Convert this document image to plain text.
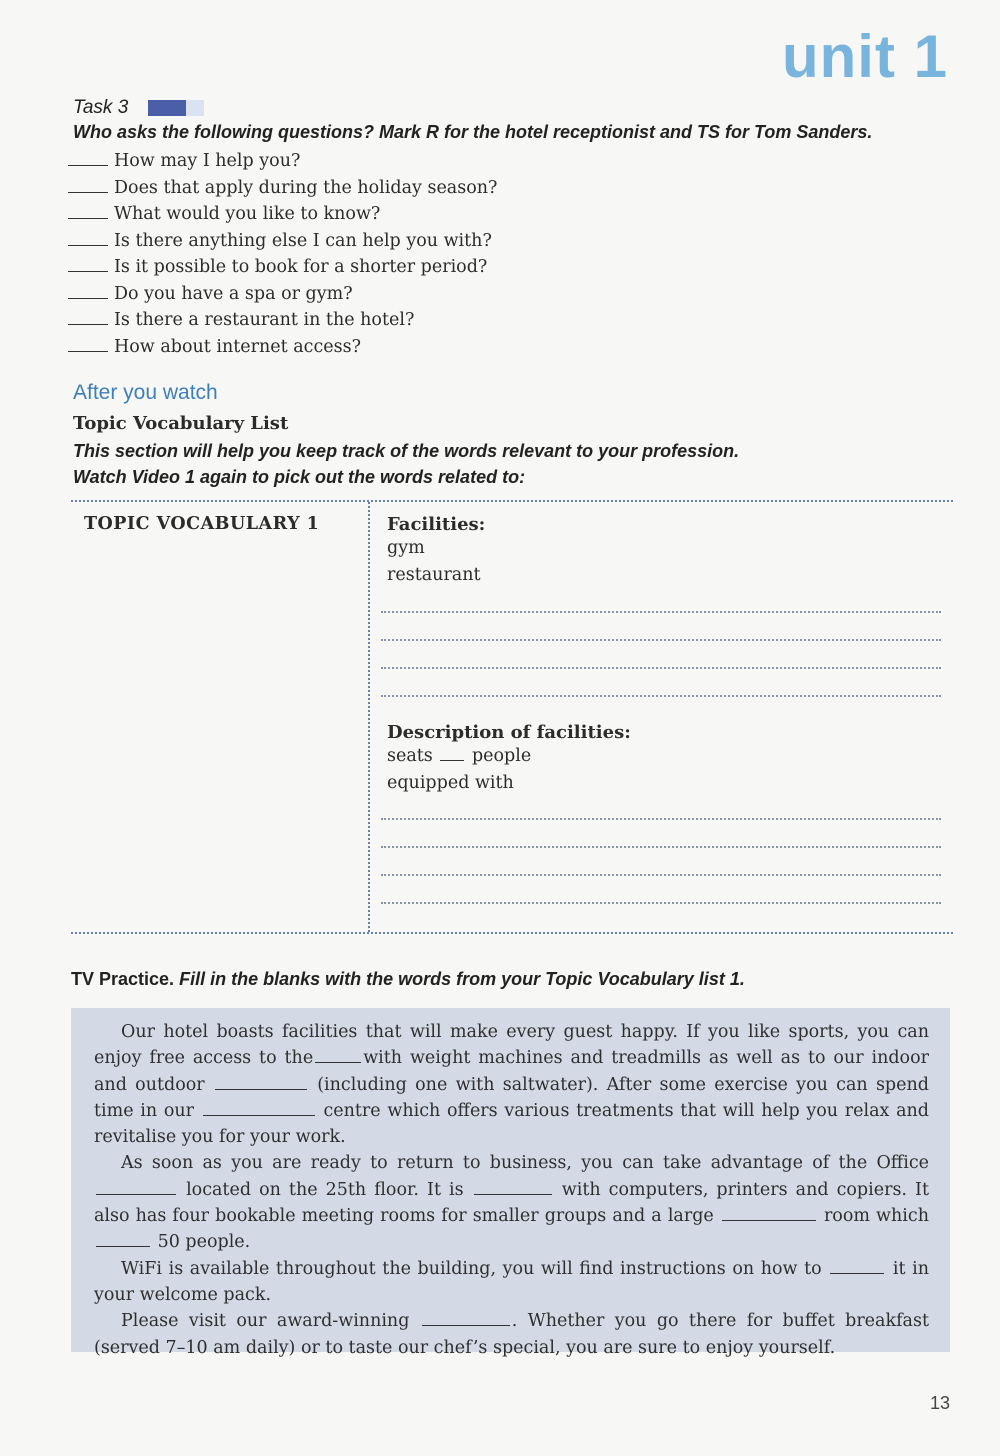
unit 1
Task 3
Who asks the following questions? Mark R for the hotel receptionist and TS for Tom Sanders.
How may I help you?
Does that apply during the holiday season?
What would you like to know?
Is there anything else I can help you with?
Is it possible to book for a shorter period?
Do you have a spa or gym?
Is there a restaurant in the hotel?
How about internet access?
After you watch
Topic Vocabulary List
This section will help you keep track of the words relevant to your profession.
Watch Video 1 again to pick out the words related to:
TOPIC VOCABULARY 1	Facilities:
gym
restaurant
Description of facilities:
seats people
equipped with
TV Practice. Fill in the blanks with the words from your Topic Vocabulary list 1.

Our hotel boasts facilities that will make every guest happy. If you like sports, you can enjoy free access to the	with weight machines and treadmills as well as to our indoor and outdoor	(including one with saltwater). After some exercise you can spend time in our	centre which offers various treatments that will help you relax and revitalise you for your work.

As soon as you are ready to return to business, you can take advantage of the Office  located on the 25th floor. It is	with computers, printers and copiers. It also has four bookable meeting rooms for smaller groups and a large	room which  50 people.

WiFi is available throughout the building, you will find instructions on how to	it in your welcome pack.

Please visit our award-winning	. Whether you go there for buffet breakfast (served 7–10 am daily) or to taste our chef’s special, you are sure to enjoy yourself.

13
